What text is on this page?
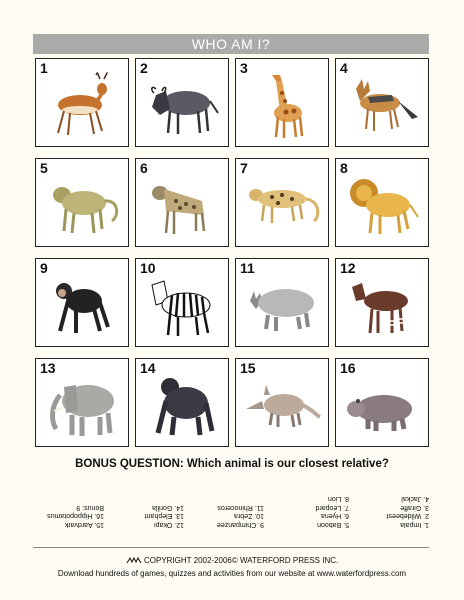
WHO AM I?
1	2	3	4
5	6	7	8
9	10	11	12
13	14	15	16
BONUS QUESTION: Which animal is our closest relative?
1. Impala
2. Wildebeest
3. Giraffe
4. Jackal
5. Baboon
6. Hyena
7. Leopard
8. Lion
9. Chimpanzee
10. Zebra
11. Rhinoceros
12. Okapi
13. Elephant
14. Gorilla
15. Aardvark
16. Hippopotamus
Bonus: 9
COPYRIGHT 2002-2006© WATERFORD PRESS INC.
Download hundreds of games, quizzes and activities from our website at www.waterfordpress.com
